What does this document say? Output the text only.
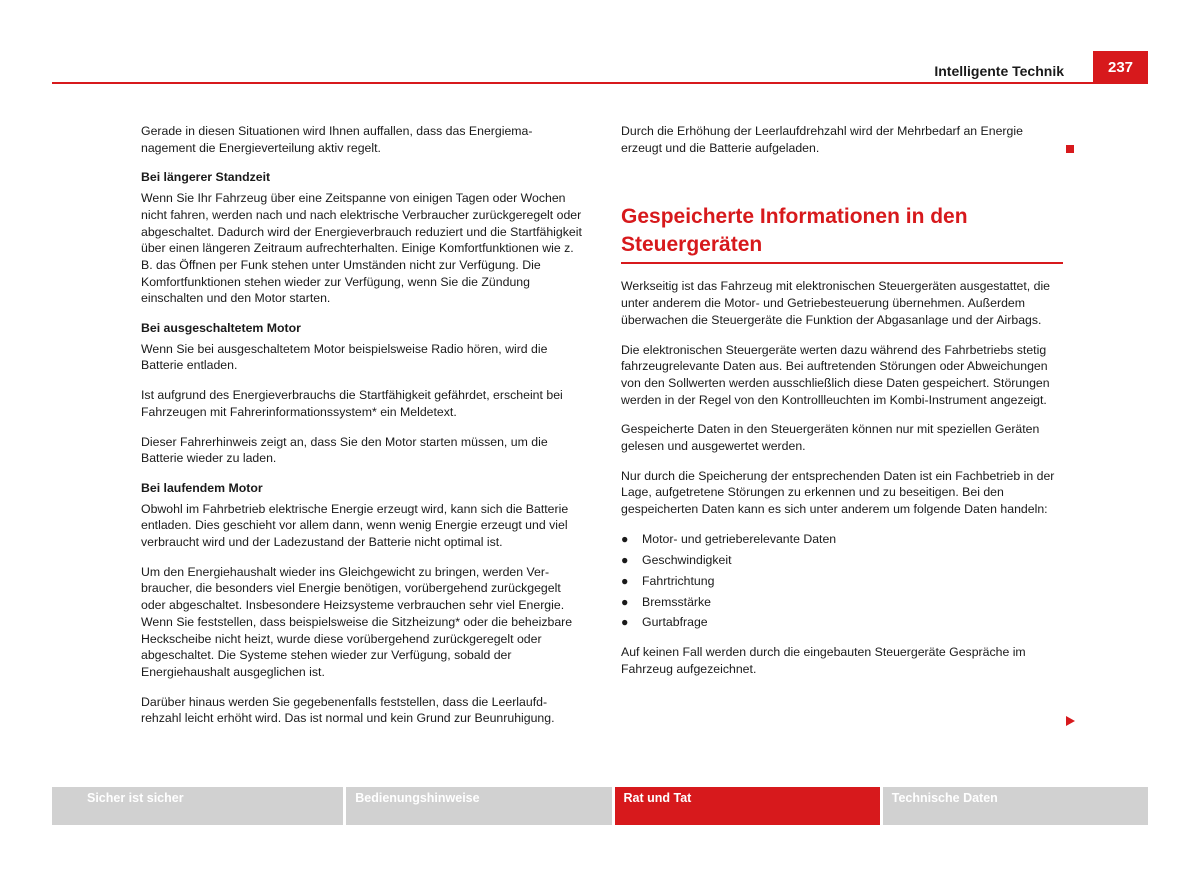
Intelligente Technik	237

Gerade in diesen Situationen wird Ihnen auffallen, dass das Energiemanagement die Energieverteilung aktiv regelt.

Bei längerer Standzeit

Wenn Sie Ihr Fahrzeug über eine Zeitspanne von einigen Tagen oder Wochen nicht fahren, werden nach und nach elektrische Verbraucher zurückgeregelt oder abgeschaltet. Dadurch wird der Energieverbrauch reduziert und die Startfähigkeit über einen längeren Zeitraum aufrechterhalten. Einige Komfortfunktionen wie z. B. das Öffnen per Funk stehen unter Umständen nicht zur Verfügung. Die Komfortfunktionen stehen wieder zur Verfügung, wenn Sie die Zündung einschalten und den Motor starten.

Bei ausgeschaltetem Motor

Wenn Sie bei ausgeschaltetem Motor beispielsweise Radio hören, wird die Batterie entladen.

Ist aufgrund des Energieverbrauchs die Startfähigkeit gefährdet, erscheint bei Fahrzeugen mit Fahrerinformationssystem* ein Meldetext.

Dieser Fahrerhinweis zeigt an, dass Sie den Motor starten müssen, um die Batterie wieder zu laden.

Bei laufendem Motor

Obwohl im Fahrbetrieb elektrische Energie erzeugt wird, kann sich die Batterie entladen. Dies geschieht vor allem dann, wenn wenig Energie erzeugt und viel verbraucht wird und der Ladezustand der Batterie nicht optimal ist.

Um den Energiehaushalt wieder ins Gleichgewicht zu bringen, werden Verbraucher, die besonders viel Energie benötigen, vorübergehend zurückgegelt oder abgeschaltet. Insbesondere Heizsysteme verbrauchen sehr viel Energie. Wenn Sie feststellen, dass beispielsweise die Sitzheizung* oder die beheizbare Heckscheibe nicht heizt, wurde diese vorübergehend zurückgeregelt oder abgeschaltet. Die Systeme stehen wieder zur Verfügung, sobald der Energiehaushalt ausgeglichen ist.

Darüber hinaus werden Sie gegebenenfalls feststellen, dass die Leerlaufdrehzahl leicht erhöht wird. Das ist normal und kein Grund zur Beunruhigung.

Durch die Erhöhung der Leerlaufdrehzahl wird der Mehrbedarf an Energie erzeugt und die Batterie aufgeladen.

Gespeicherte Informationen in den Steuergeräten

Werkseitig ist das Fahrzeug mit elektronischen Steuergeräten ausgestattet, die unter anderem die Motor- und Getriebesteuerung übernehmen. Außerdem überwachen die Steuergeräte die Funktion der Abgasanlage und der Airbags.

Die elektronischen Steuergeräte werten dazu während des Fahrbetriebs stetig fahrzeugrelevante Daten aus. Bei auftretenden Störungen oder Abweichungen von den Sollwerten werden ausschließlich diese Daten gespeichert. Störungen werden in der Regel von den Kontrollleuchten im Kombi-Instrument angezeigt.

Gespeicherte Daten in den Steuergeräten können nur mit speziellen Geräten gelesen und ausgewertet werden.

Nur durch die Speicherung der entsprechenden Daten ist ein Fachbetrieb in der Lage, aufgetretene Störungen zu erkennen und zu beseitigen. Bei den gespeicherten Daten kann es sich unter anderem um folgende Daten handeln:

● Motor- und getrieberelevante Daten
● Geschwindigkeit
● Fahrtrichtung
● Bremsstärke
● Gurtabfrage

Auf keinen Fall werden durch die eingebauten Steuergeräte Gespräche im Fahrzeug aufgezeichnet.

Sicher ist sicher	Bedienungshinweise	Rat und Tat	Technische Daten
